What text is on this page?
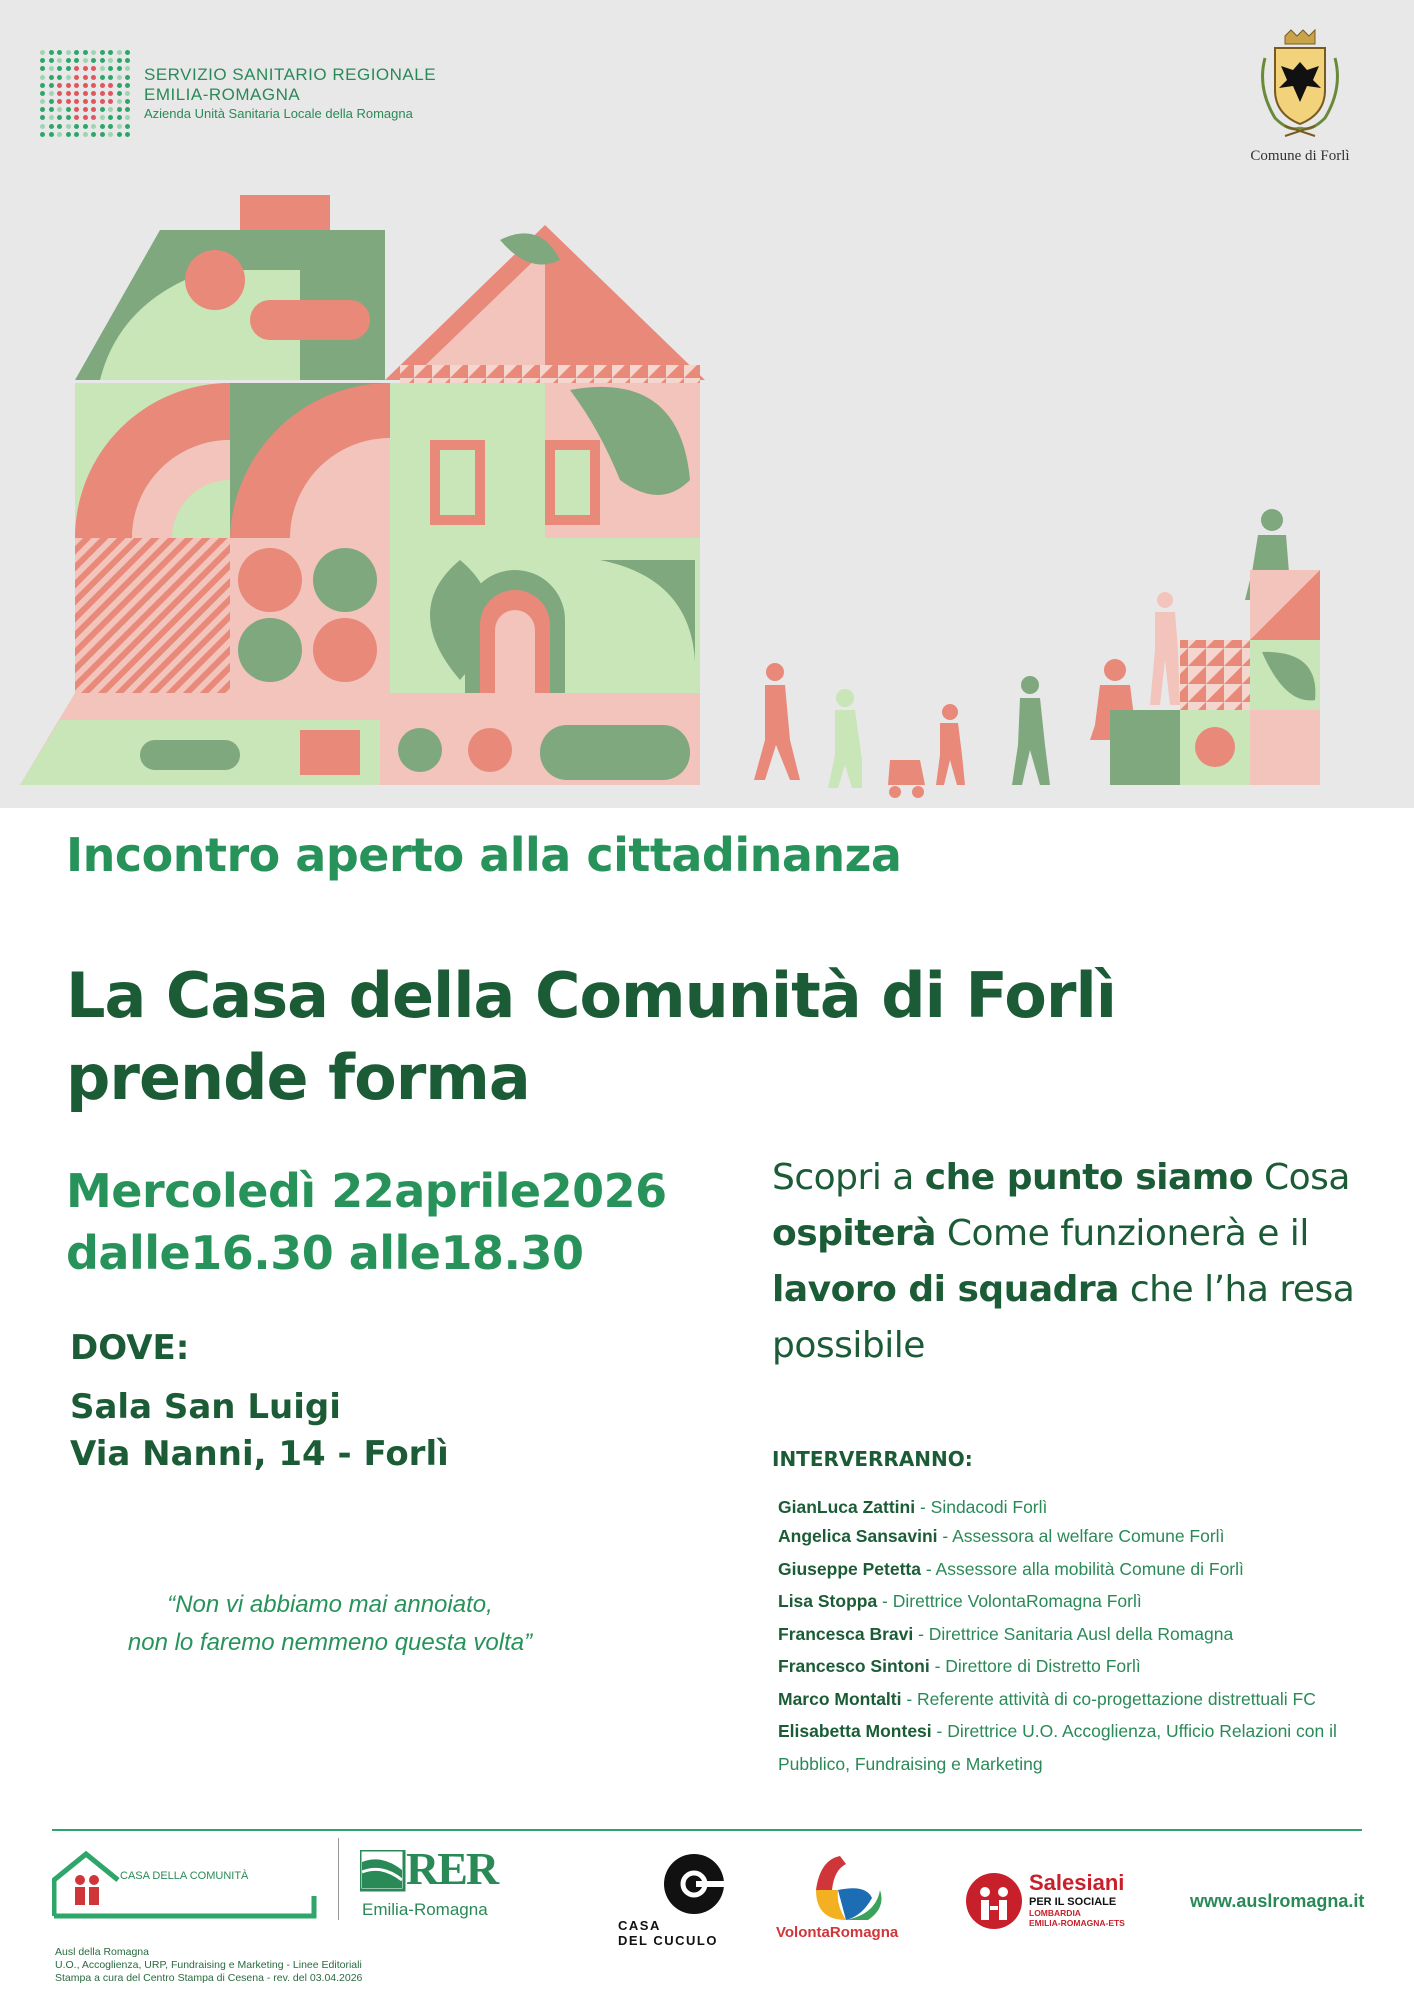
SERVIZIO SANITARIO REGIONALE
EMILIA-ROMAGNA
Azienda Unità Sanitaria Locale della Romagna
Comune di Forlì
Incontro aperto alla cittadinanza
La Casa della Comunità di Forlì
prende forma
Mercoledì 22aprile2026
dalle16.30 alle18.30
DOVE:
Sala San Luigi
Via Nanni, 14 - Forlì
“Non vi abbiamo mai annoiato,
non lo faremo nemmeno questa volta”
Scopri a che punto siamo Cosa ospiterà Come funzionerà e il lavoro di squadra che l’ha resa possibile
INTERVERRANNO:
GianLuca Zattini - Sindacodi Forlì
Angelica Sansavini - Assessora al welfare Comune Forlì
Giuseppe Petetta - Assessore alla mobilità Comune di Forlì
Lisa Stoppa - Direttrice VolontaRomagna Forlì
Francesca Bravi - Direttrice Sanitaria Ausl della Romagna
Francesco Sintoni - Direttore di Distretto Forlì
Marco Montalti - Referente attività di co-progettazione distrettuali FC
Elisabetta Montesi - Direttrice U.O. Accoglienza, Ufficio Relazioni con il Pubblico, Fundraising e Marketing
CASA DELLA COMUNITÀ	RER
Emilia-Romagna
CASA
DEL CUCULO	VolontaRomagna
Salesiani
PER IL SOCIALE
LOMBARDIA
EMILIA-ROMAGNA-ETS
www.auslromagna.it
Ausl della Romagna
U.O., Accoglienza, URP, Fundraising e Marketing - Linee Editoriali
Stampa a cura del Centro Stampa di Cesena - rev. del 03.04.2026
